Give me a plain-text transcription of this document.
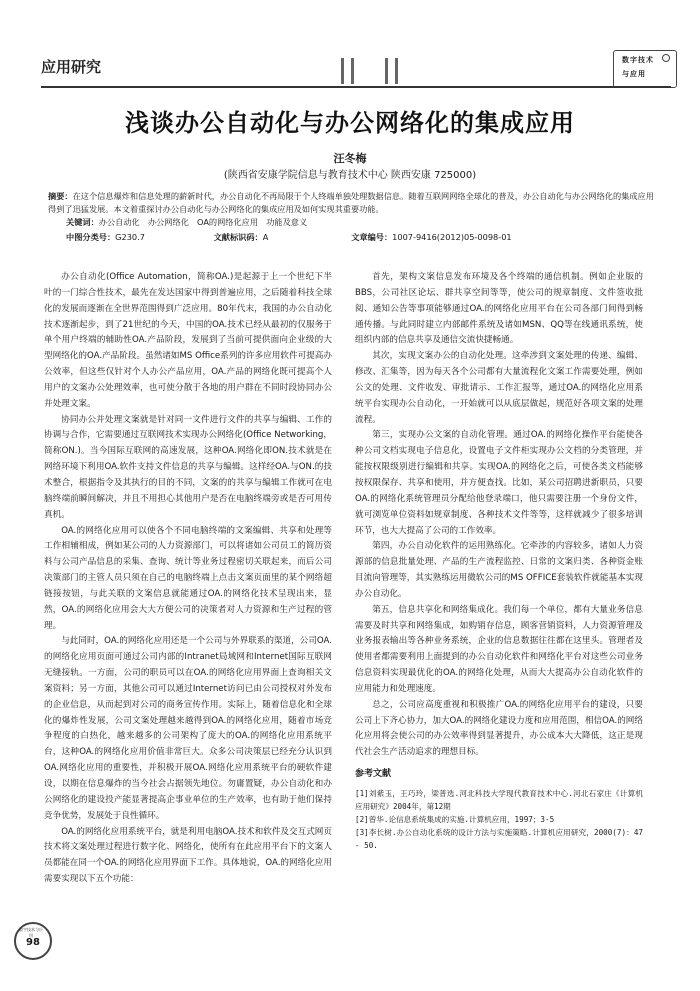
应用研究	数字技术
与应用
浅谈办公自动化与办公网络化的集成应用
汪冬梅
(陕西省安康学院信息与教育技术中心 陕西安康 725000)
摘要：在这个信息爆炸和信息处理的薪新时代，办公自动化不再局限于个人终端单独处理数据信息。随着互联网网络全球化的普及，办公自动化与办公网络化的集成应用得到了迅猛发展。本文着重探讨办公自动化与办公网络化的集成应用及如何实现其重要功能。
关键词：办公自动化　办公网络化　OA的网络化应用　功能及意义
中图分类号：G230.7	文献标识码：A	文章编号：1007-9416(2012)05-0098-01

办公自动化(Office Automation，简称OA.)是起源于上一个世纪下半叶的一门综合性技术，最先在发达国家中得到普遍应用，之后随着科技全球化的发展而逐渐在全世界范围得到广泛应用。80年代末，我国的办公自动化技术逐渐起步，到了21世纪的今天，中国的OA.技术已经从最初的仅服务于单个用户终端的辅助性OA.产品阶段，发展到了当前可提供面向企业级的大型网络化的OA.产品阶段。虽然诸如MS Office系列的许多应用软件可提高办公效率，但这些仅针对个人办公产品应用，OA.产品的网络化既可提高个人用户的文案办公处理效率，也可使分散于各地的用户群在不同时段协同办公并处理文案。

协同办公并处理文案就是针对同一文件进行文件的共享与编辑、工作的协调与合作，它需要通过互联网技术实现办公网络化(Office Networking，简称ON.)。当今国际互联网的高速发展，这种OA.网络化即ON.技术就是在网络环境下利用OA.软件支持文件信息的共享与编辑。这样经OA.与ON.的技术整合，根据指令及其执行的目的不同，文案的的共享与编辑工作就可在电脑终端前瞬间解决，并且不用担心其他用户是否在电脑终端旁或是否可用传真机。

OA.的网络化应用可以使各个不同电脑终端的文案编辑、共享和处理等工作相辅相成，例如某公司的人力资源部门，可以将诸如公司员工的简历资料与公司产品信息的采集、查询、统计等业务过程密切关联起来，而后公司决策部门的主管人员只须在自己的电脑终端上点击文案页面里的某个网络超链接按钮，与此关联的文案信息就能通过OA.的网络化技术呈现出来，显然，OA.的网络化应用会大大方便公司的决策者对人力资源和生产过程的管理。

与此同时，OA.的网络化应用还是一个公司与外界联系的渠道，公司OA.的网络化应用页面可通过公司内部的Intranet局域网和Internet国际互联网无缝接轨。一方面，公司的职员可以在OA.的网络化应用界面上查询相关文案资料；另一方面，其他公司可以通过Internet访问已由公司授权对外发布的企业信息，从而起到对公司的商务宣传作用。实际上，随着信息化和全球化的爆炸性发展，公司文案处理越来越得到OA.的网络化应用，随着市场竞争程度的白热化，越来越多的公司架构了庞大的OA.的网络化应用系统平台，这种OA.的网络化应用价值非常巨大。众多公司决策层已经充分认识到OA.网络化应用的重要性，并积极开展OA.网络化应用系统平台的硬软件建设，以期在信息爆炸的当今社会占据领先地位。勿庸置疑，办公自动化和办公网络化的建设投产能显著提高企事业单位的生产效率，也有助于他们保持竞争优势，发展处于良性循环。

OA.的网络化应用系统平台，就是利用电脑OA.技术和软件及交互式网页技术将文案处理过程进行数字化、网络化，使所有在此应用平台下的文案人员都能在同一个OA.的网络化应用界面下工作。具体地说，OA.的网络化应用需要实现以下五个功能：

首先，架构文案信息发布环境及各个终端的通信机制。例如企业版的BBS，公司社区论坛、群共享空间等等，使公司的规章制度、文件签收批阅、通知公告等事项能够通过OA.的网络化应用平台在公司各部门间得到畅通传播。与此同时建立内部邮件系统及诸如MSN、QQ等在线通讯系统，使组织内部的信息共享及通信交流快捷畅通。

其次，实现文案办公的自动化处理。这牵涉到文案处理的传递、编辑、修改、汇集等，因为每天各个公司都有大量流程化文案工作需要处理，例如公文的处理、文件收发、审批请示、工作汇报等，通过OA.的网络化应用系统平台实现办公自动化，一开始就可以从底层做起，规范好各项文案的处理流程。

第三，实现办公文案的自动化管理。通过OA.的网络化操作平台能使各种公司文档实现电子信息化，设置电子文件柜实现办公文档的分类管理，并能按权限级别进行编辑和共享。实现OA.的网络化之后，可使各类文档能够按权限保存、共享和使用，并方便查找。比如，某公司招聘进新职员，只要OA.的网络化系统管理员分配给他登录端口，他只需要注册一个身份文件，就可浏览单位资料如规章制度、各种技术文件等等，这样就减少了很多培训环节，也大大提高了公司的工作效率。

第四，办公自动化软件的运用熟练化。它牵涉的内容较多，诸如人力资源部的信息批量处理、产品的生产流程监控、日常的文案归类、各种资金账目流向管理等，其实熟练运用微软公司的MS OFFICE套装软件就能基本实现办公自动化。

第五，信息共享化和网络集成化。我们每一个单位，都有大量业务信息需要及时共享和网络集成，如购销存信息，顾客营销资料，人力资源管理及业务报表输出等各种业务系统，企业的信息数据往往都在这里头。管理者及使用者都需要利用上面提到的办公自动化软件和网络化平台对这些公司业务信息资料实现最优化的OA.的网络化处理，从而大大提高办公自动化软件的应用能力和处理速度。

总之，公司应高度重视和积极推广OA.的网络化应用平台的建设，只要公司上下齐心协力，加大OA.的网络化建设力度和应用范围，相信OA.的网络化应用将会使公司的办公效率得到显著提升，办公成本大大降低，这正是现代社会生产活动追求的理想目标。

参考文献
[1]刘紫玉，王巧玲，梁普选.河北科技大学现代教育技术中心.河北石家庄《计算机应用研究》2004年，第12期
[2]曾华.论信息系统集成的实施.计算机应用，1997；3-5
[3]李长树.办公自动化系统的设计方法与实施策略.计算机应用研究，2000(7)：47 - 50.
数字技术与应用
98
